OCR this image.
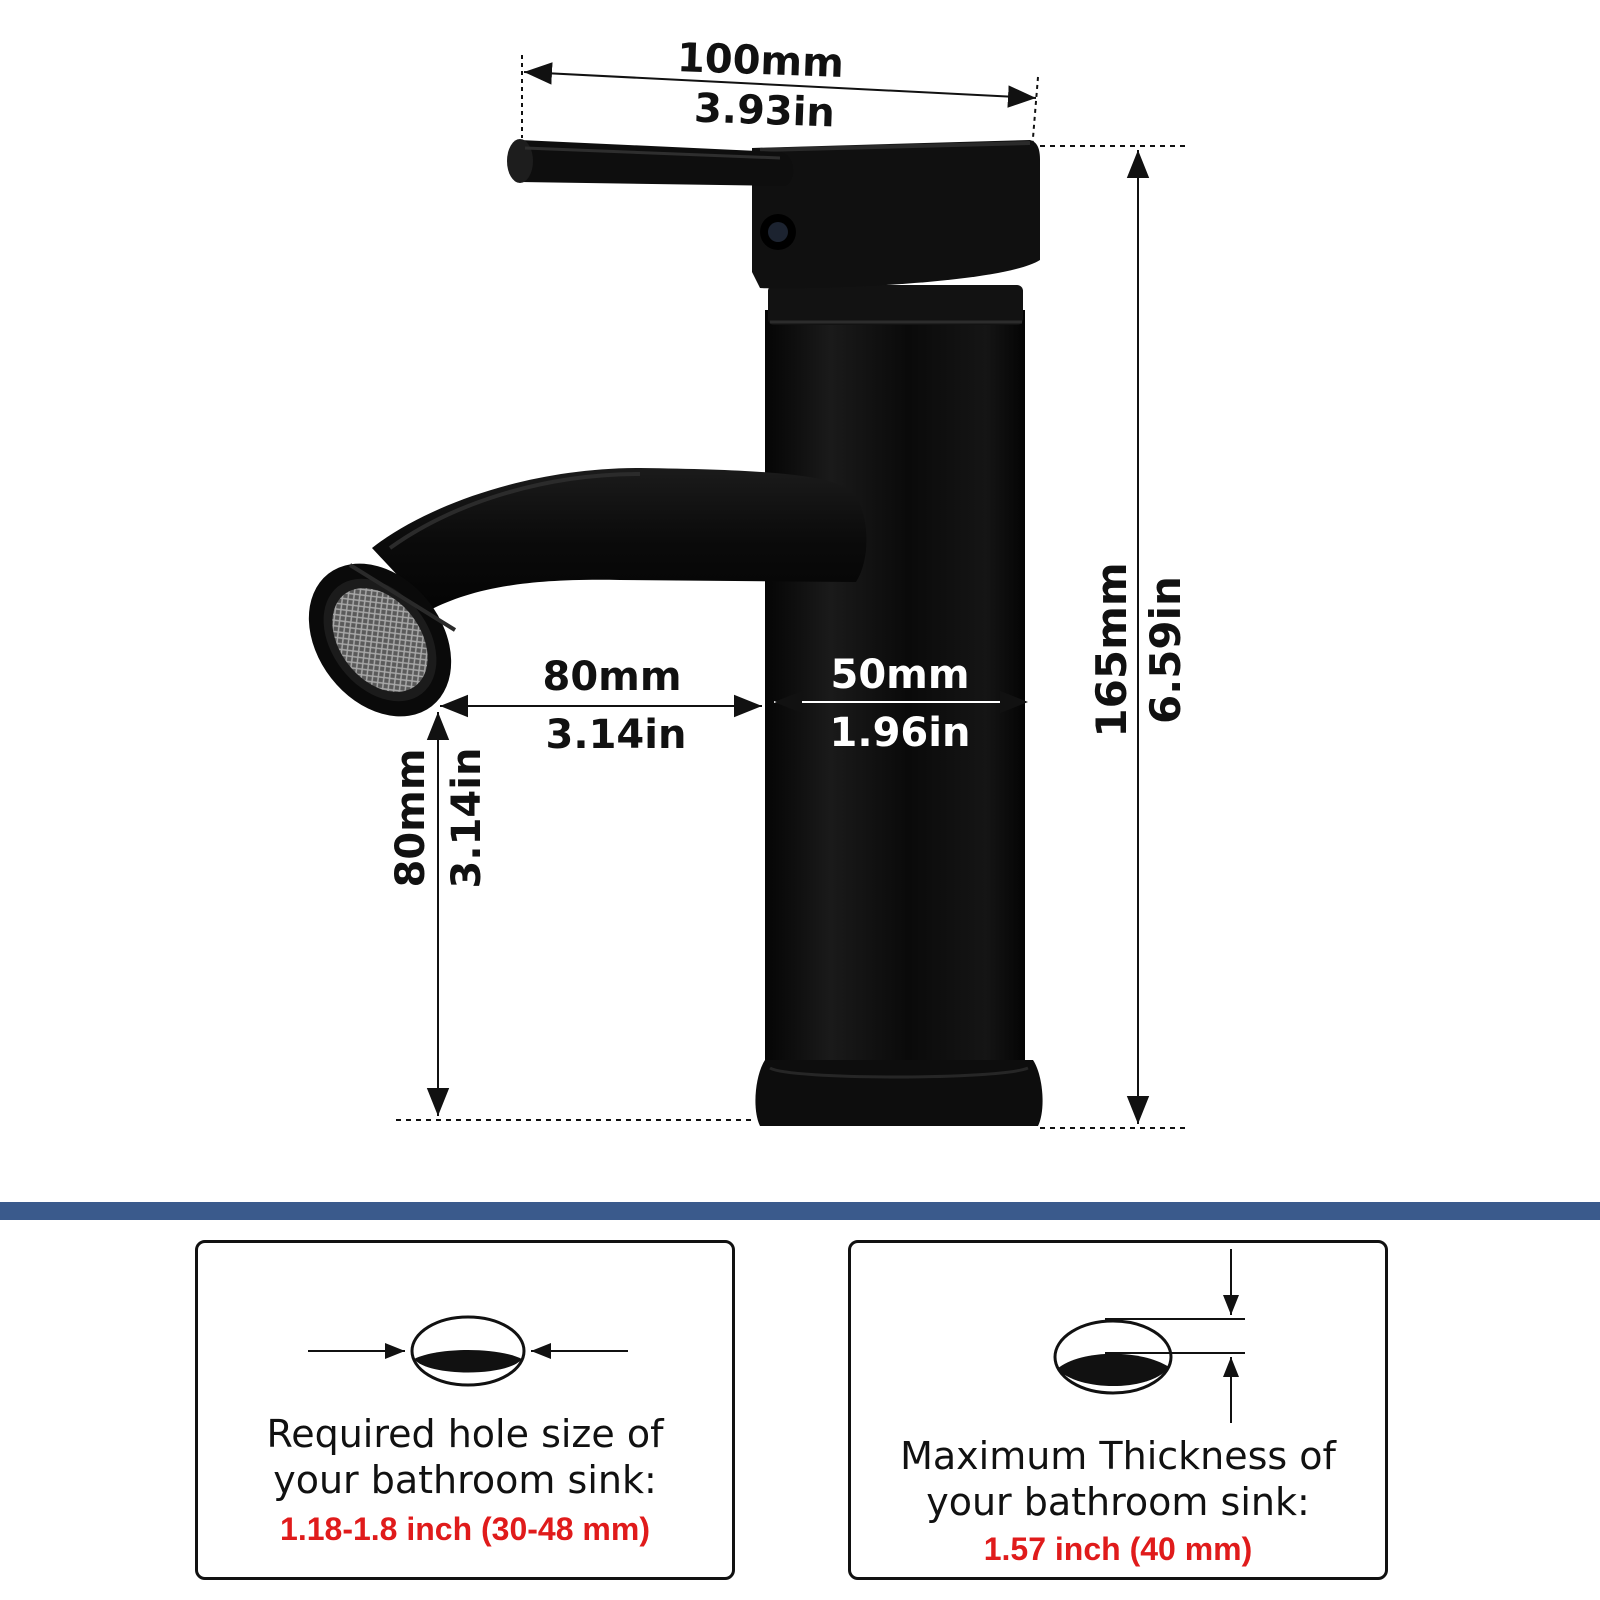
100mm
3.93in
80mm
3.14in
50mm
1.96in	165mm 6.59in
80mm 3.14in
Required hole size of
your bathroom sink:
1.18-1.8 inch (30-48 mm)
Maximum Thickness of
your bathroom sink:
1.57 inch (40 mm)
